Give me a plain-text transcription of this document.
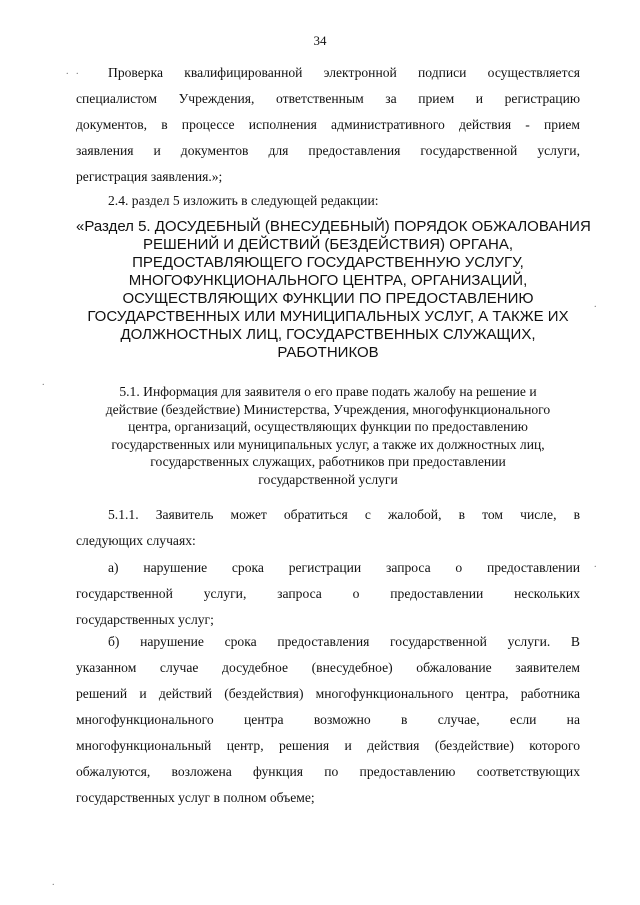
34
. .
.
.
.
.
Проверка квалифицированной электронной подписи осуществляется
специалистом Учреждения, ответственным за прием и регистрацию
документов, в процессе исполнения административного действия - прием
заявления и документов для предоставления государственной услуги,
регистрация заявления.»;
2.4. раздел 5 изложить в следующей редакции:
«Раздел 5. ДОСУДЕБНЫЙ (ВНЕСУДЕБНЫЙ) ПОРЯДОК ОБЖАЛОВАНИЯ
РЕШЕНИЙ И ДЕЙСТВИЙ (БЕЗДЕЙСТВИЯ) ОРГАНА,
ПРЕДОСТАВЛЯЮЩЕГО ГОСУДАРСТВЕННУЮ УСЛУГУ,
МНОГОФУНКЦИОНАЛЬНОГО ЦЕНТРА, ОРГАНИЗАЦИЙ,
ОСУЩЕСТВЛЯЮЩИХ ФУНКЦИИ ПО ПРЕДОСТАВЛЕНИЮ
ГОСУДАРСТВЕННЫХ ИЛИ МУНИЦИПАЛЬНЫХ УСЛУГ, А ТАКЖЕ ИХ
ДОЛЖНОСТНЫХ ЛИЦ, ГОСУДАРСТВЕННЫХ СЛУЖАЩИХ,
РАБОТНИКОВ
5.1. Информация для заявителя о его праве подать жалобу на решение и
действие (бездействие) Министерства, Учреждения, многофункционального
центра, организаций, осуществляющих функции по предоставлению
государственных или муниципальных услуг, а также их должностных лиц,
государственных служащих, работников при предоставлении
государственной услуги
5.1.1. Заявитель может обратиться с жалобой, в том числе, в
следующих случаях:
а) нарушение срока регистрации запроса о предоставлении
государственной услуги, запроса о предоставлении нескольких
государственных услуг;
б) нарушение срока предоставления государственной услуги. В
указанном случае досудебное (внесудебное) обжалование заявителем
решений и действий (бездействия) многофункционального центра, работника
многофункционального центра возможно в случае, если на
многофункциональный центр, решения и действия (бездействие) которого
обжалуются, возложена функция по предоставлению соответствующих
государственных услуг в полном объеме;
